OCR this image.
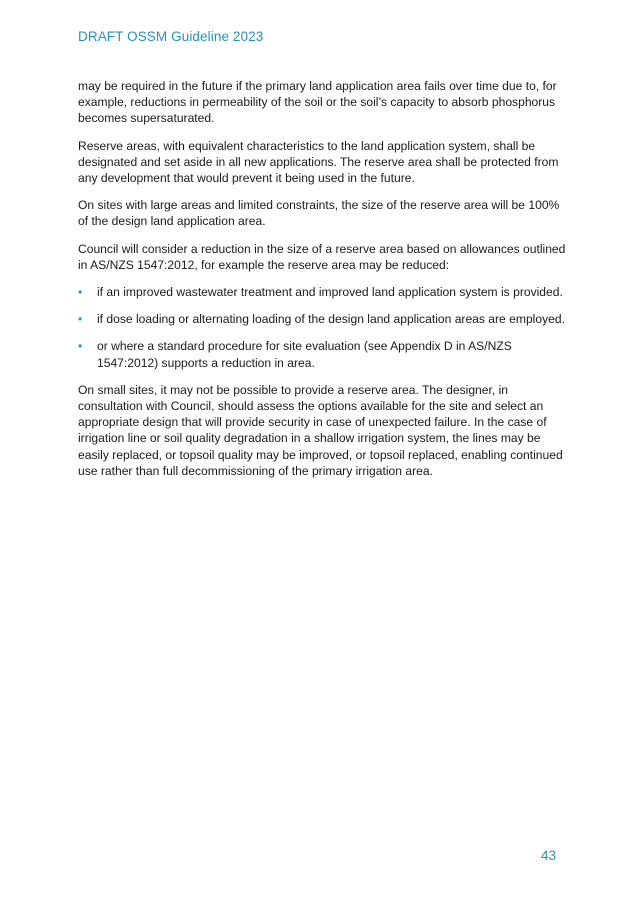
DRAFT OSSM Guideline 2023

may be required in the future if the primary land application area fails over time due to, for example, reductions in permeability of the soil or the soil’s capacity to absorb phosphorus becomes supersaturated.

Reserve areas, with equivalent characteristics to the land application system, shall be designated and set aside in all new applications. The reserve area shall be protected from any development that would prevent it being used in the future.

On sites with large areas and limited constraints, the size of the reserve area will be 100% of the design land application area.

Council will consider a reduction in the size of a reserve area based on allowances outlined in AS/NZS 1547:2012, for example the reserve area may be reduced:

• if an improved wastewater treatment and improved land application system is provided.
• if dose loading or alternating loading of the design land application areas are employed.
• or where a standard procedure for site evaluation (see Appendix D in AS/NZS 1547:2012) supports a reduction in area.

On small sites, it may not be possible to provide a reserve area. The designer, in consultation with Council, should assess the options available for the site and select an appropriate design that will provide security in case of unexpected failure. In the case of irrigation line or soil quality degradation in a shallow irrigation system, the lines may be easily replaced, or topsoil quality may be improved, or topsoil replaced, enabling continued use rather than full decommissioning of the primary irrigation area.

43
